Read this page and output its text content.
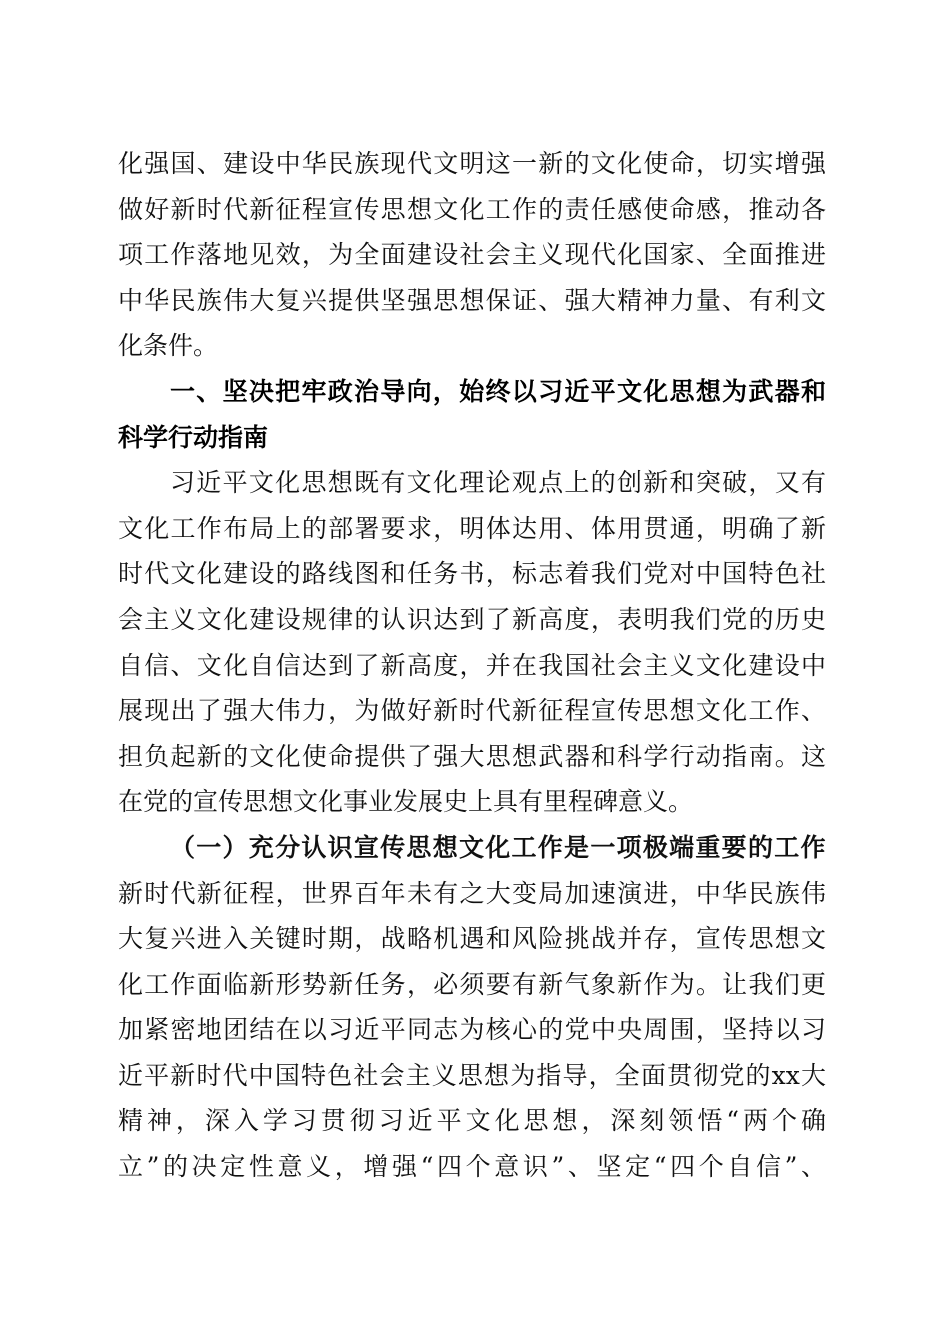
化强国、建设中华民族现代文明这一新的文化使命，切实增强
做好新时代新征程宣传思想文化工作的责任感使命感，推动各
项工作落地见效，为全面建设社会主义现代化国家、全面推进
中华民族伟大复兴提供坚强思想保证、强大精神力量、有利文
化条件。
一、坚决把牢政治导向，始终以习近平文化思想为武器和
科学行动指南
习近平文化思想既有文化理论观点上的创新和突破，又有
文化工作布局上的部署要求，明体达用、体用贯通，明确了新
时代文化建设的路线图和任务书，标志着我们党对中国特色社
会主义文化建设规律的认识达到了新高度，表明我们党的历史
自信、文化自信达到了新高度，并在我国社会主义文化建设中
展现出了强大伟力，为做好新时代新征程宣传思想文化工作、
担负起新的文化使命提供了强大思想武器和科学行动指南。这
在党的宣传思想文化事业发展史上具有里程碑意义。
（一）充分认识宣传思想文化工作是一项极端重要的工作
新时代新征程，世界百年未有之大变局加速演进，中华民族伟
大复兴进入关键时期，战略机遇和风险挑战并存，宣传思想文
化工作面临新形势新任务，必须要有新气象新作为。让我们更
加紧密地团结在以习近平同志为核心的党中央周围，坚持以习
近平新时代中国特色社会主义思想为指导，全面贯彻党的xx大
精神，深入学习贯彻习近平文化思想，深刻领悟“两个确
立”的决定性意义，增强“四个意识”、坚定“四个自信”、
